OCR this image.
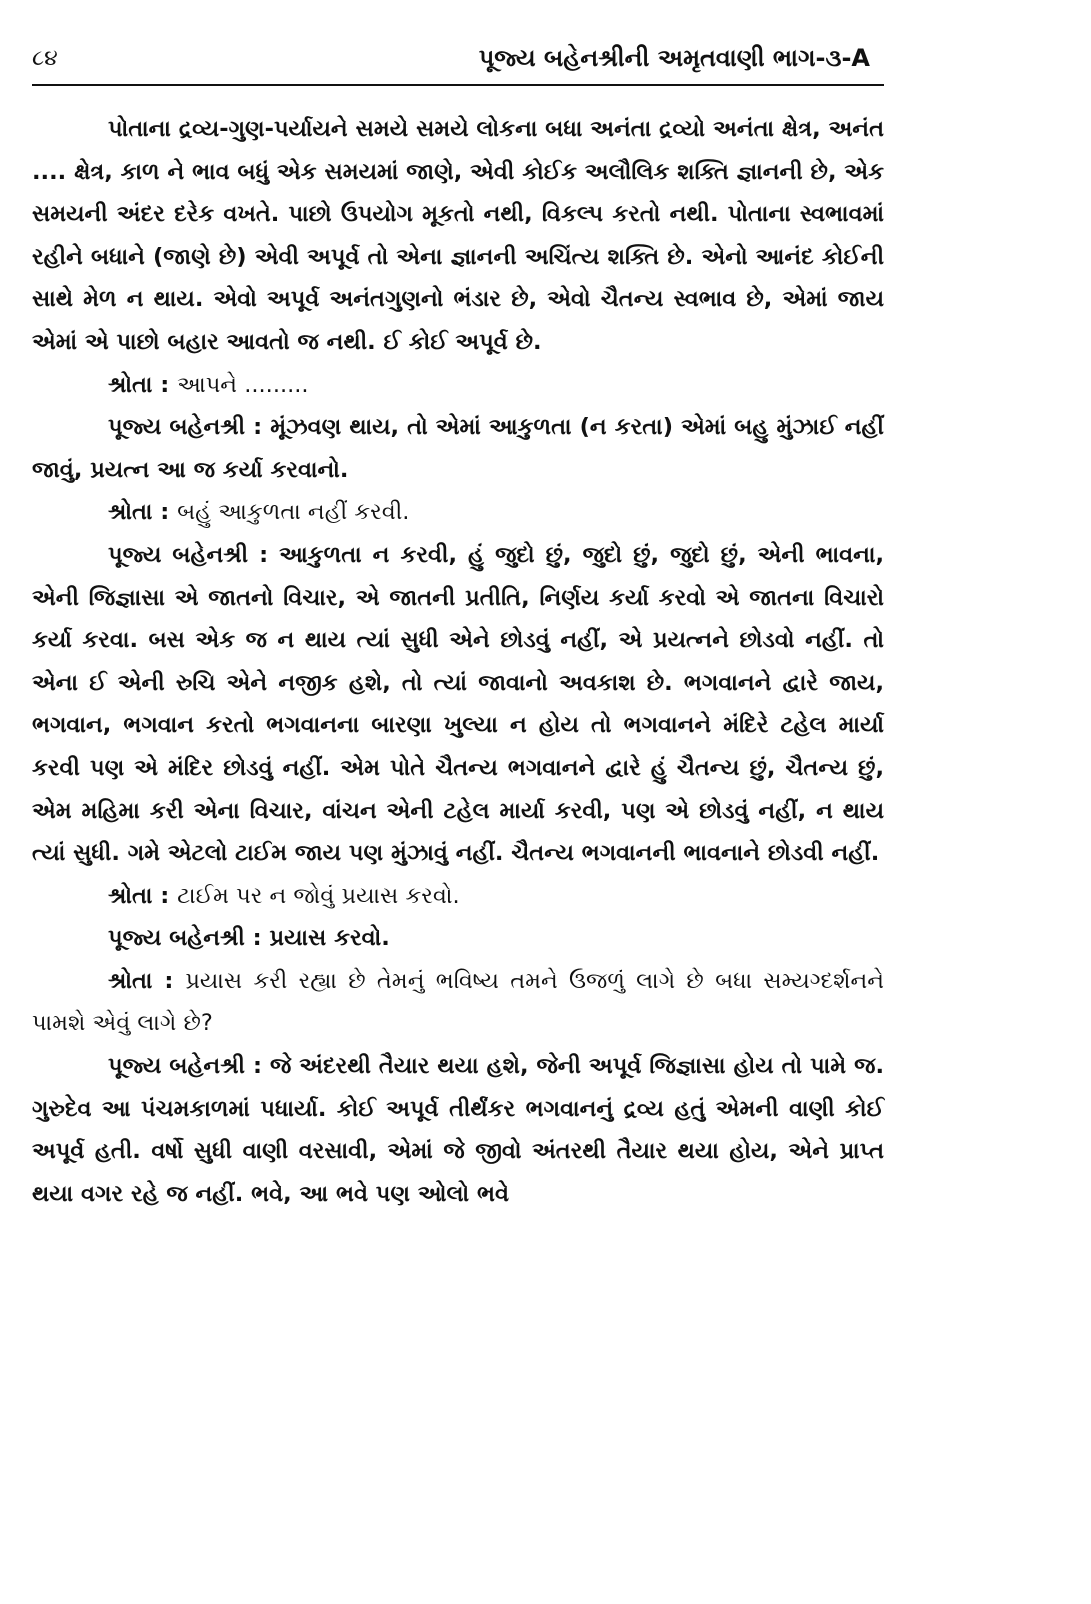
૮૪	પૂજ્ય બહેનશ્રીની અમૃતવાણી ભાગ-૩-A

પોતાના દ્રવ્ય-ગુણ-પર્યાયને સમયે સમયે લોકના બધા અનંતા દ્રવ્યો અનંતા ક્ષેત્ર, અનંત .... ક્ષેત્ર, કાળ ને ભાવ બધું એક સમયમાં જાણે, એવી કોઈક અલૌલિક શક્તિ જ્ઞાનની છે, એક સમયની અંદર દરેક વખતે. પાછો ઉપયોગ મૂકતો નથી, વિકલ્પ કરતો નથી. પોતાના સ્વભાવમાં રહીને બધાને (જાણે છે) એવી અપૂર્વ તો એના જ્ઞાનની અચિંત્ય શક્તિ છે. એનો આનંદ કોઈની સાથે મેળ ન થાય. એવો અપૂર્વ અનંતગુણનો ભંડાર છે, એવો ચૈતન્ય સ્વભાવ છે, એમાં જાય એમાં એ પાછો બહાર આવતો જ નથી. ઈ કોઈ અપૂર્વ છે.

શ્રોતા : આપને .........

પૂજ્ય બહેનશ્રી : મૂંઝવણ થાય, તો એમાં આકુળતા (ન કરતા) એમાં બહુ મુંઝાઈ નહીં જાવું, પ્રયત્ન આ જ કર્યા કરવાનો.

શ્રોતા : બહું આકુળતા નહીં કરવી.

પૂજ્ય બહેનશ્રી : આકુળતા ન કરવી, હું જુદો છું, જુદો છું, જુદો છું, એની ભાવના, એની જિજ્ઞાસા એ જાતનો વિચાર, એ જાતની પ્રતીતિ, નિર્ણય કર્યા કરવો એ જાતના વિચારો કર્યા કરવા. બસ એક જ ન થાય ત્યાં સુધી એને છોડવું નહીં, એ પ્રયત્નને છોડવો નહીં. તો એના ઈ એની રુચિ એને નજીક હશે, તો ત્યાં જાવાનો અવકાશ છે. ભગવાનને દ્વારે જાય, ભગવાન, ભગવાન કરતો ભગવાનના બારણા ખુલ્યા ન હોય તો ભગવાનને મંદિરે ટહેલ માર્યા કરવી પણ એ મંદિર છોડવું નહીં. એમ પોતે ચૈતન્ય ભગવાનને દ્વારે હું ચૈતન્ય છું, ચૈતન્ય છું, એમ મહિમા કરી એના વિચાર, વાંચન એની ટહેલ માર્યા કરવી, પણ એ છોડવું નહીં, ન થાય ત્યાં સુધી. ગમે એટલો ટાઈમ જાય પણ મુંઝાવું નહીં. ચૈતન્ય ભગવાનની ભાવનાને છોડવી નહીં.

શ્રોતા : ટાઈમ પર ન જોવું પ્રયાસ કરવો.

પૂજ્ય બહેનશ્રી : પ્રયાસ કરવો.

શ્રોતા : પ્રયાસ કરી રહ્યા છે તેમનું ભવિષ્ય તમને ઉજળું લાગે છે બધા સમ્યગ્દર્શનને પામશે એવું લાગે છે?

પૂજ્ય બહેનશ્રી : જે અંદરથી તૈયાર થયા હશે, જેની અપૂર્વ જિજ્ઞાસા હોય તો પામે જ. ગુરુદેવ આ પંચમકાળમાં પધાર્યા. કોઈ અપૂર્વ તીર્થંકર ભગવાનનું દ્રવ્ય હતું એમની વાણી કોઈ અપૂર્વ હતી. વર્ષો સુધી વાણી વરસાવી, એમાં જે જીવો અંતરથી તૈયાર થયા હોય, એને પ્રાપ્ત થયા વગર રહે જ નહીં. ભવે, આ ભવે પણ ઓલો ભવે
